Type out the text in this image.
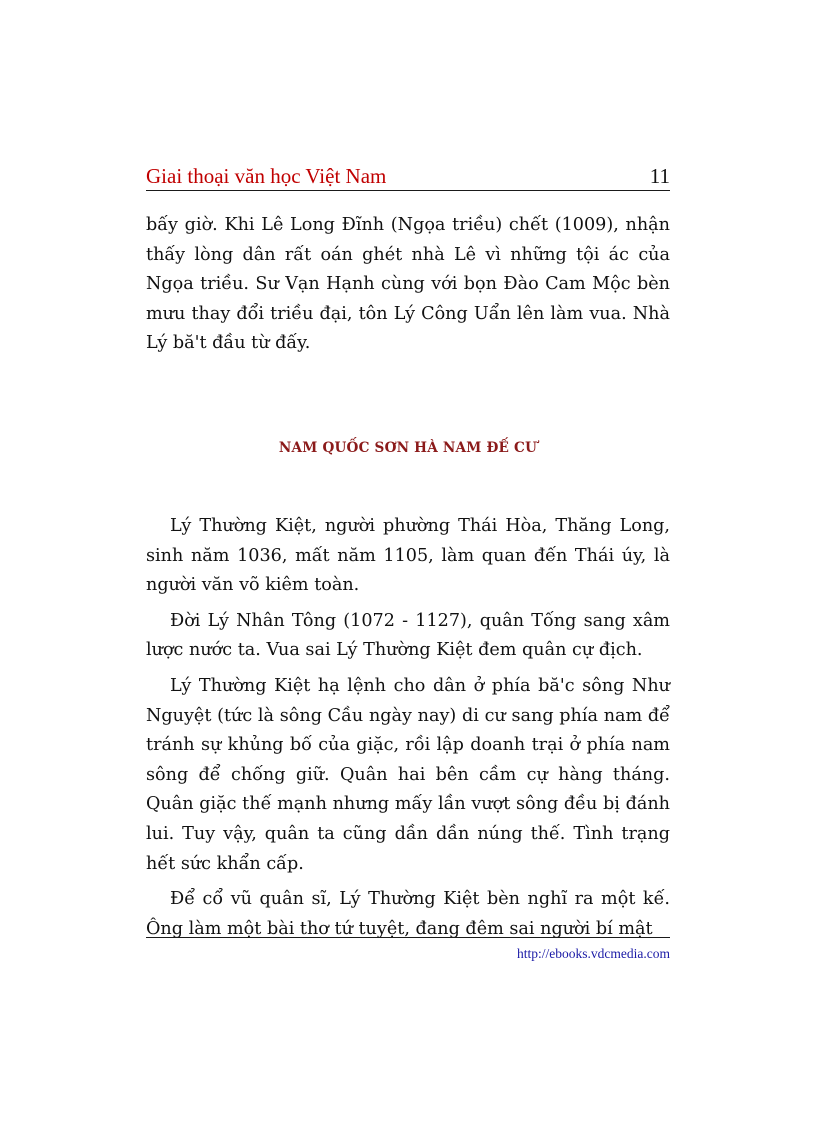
Giai thoại văn học Việt Nam	11

bấy giờ. Khi Lê Long Đĩnh (Ngọa triều) chết (1009), nhận thấy lòng dân rất oán ghét nhà Lê vì những tội ác của Ngọa triều. Sư Vạn Hạnh cùng với bọn Đào Cam Mộc bèn mưu thay đổi triều đại, tôn Lý Công Uẩn lên làm vua. Nhà Lý bă't đầu từ đấy.

NAM QUỐC SƠN HÀ NAM ĐẾ CƯ

Lý Thường Kiệt, người phường Thái Hòa, Thăng Long, sinh năm 1036, mất năm 1105, làm quan đến Thái úy, là người văn võ kiêm toàn.

Đời Lý Nhân Tông (1072 - 1127), quân Tống sang xâm lược nước ta. Vua sai Lý Thường Kiệt đem quân cự địch.

Lý Thường Kiệt hạ lệnh cho dân ở phía bă'c sông Như Nguyệt (tức là sông Cầu ngày nay) di cư sang phía nam để tránh sự khủng bố của giặc, rồi lập doanh trại ở phía nam sông để chống giữ. Quân hai bên cầm cự hàng tháng. Quân giặc thế mạnh nhưng mấy lần vượt sông đều bị đánh lui. Tuy vậy, quân ta cũng dần dần núng thế. Tình trạng hết sức khẩn cấp.

Để cổ vũ quân sĩ, Lý Thường Kiệt bèn nghĩ ra một kế. Ông làm một bài thơ tứ tuyệt, đang đêm sai người bí mật

http://ebooks.vdcmedia.com
